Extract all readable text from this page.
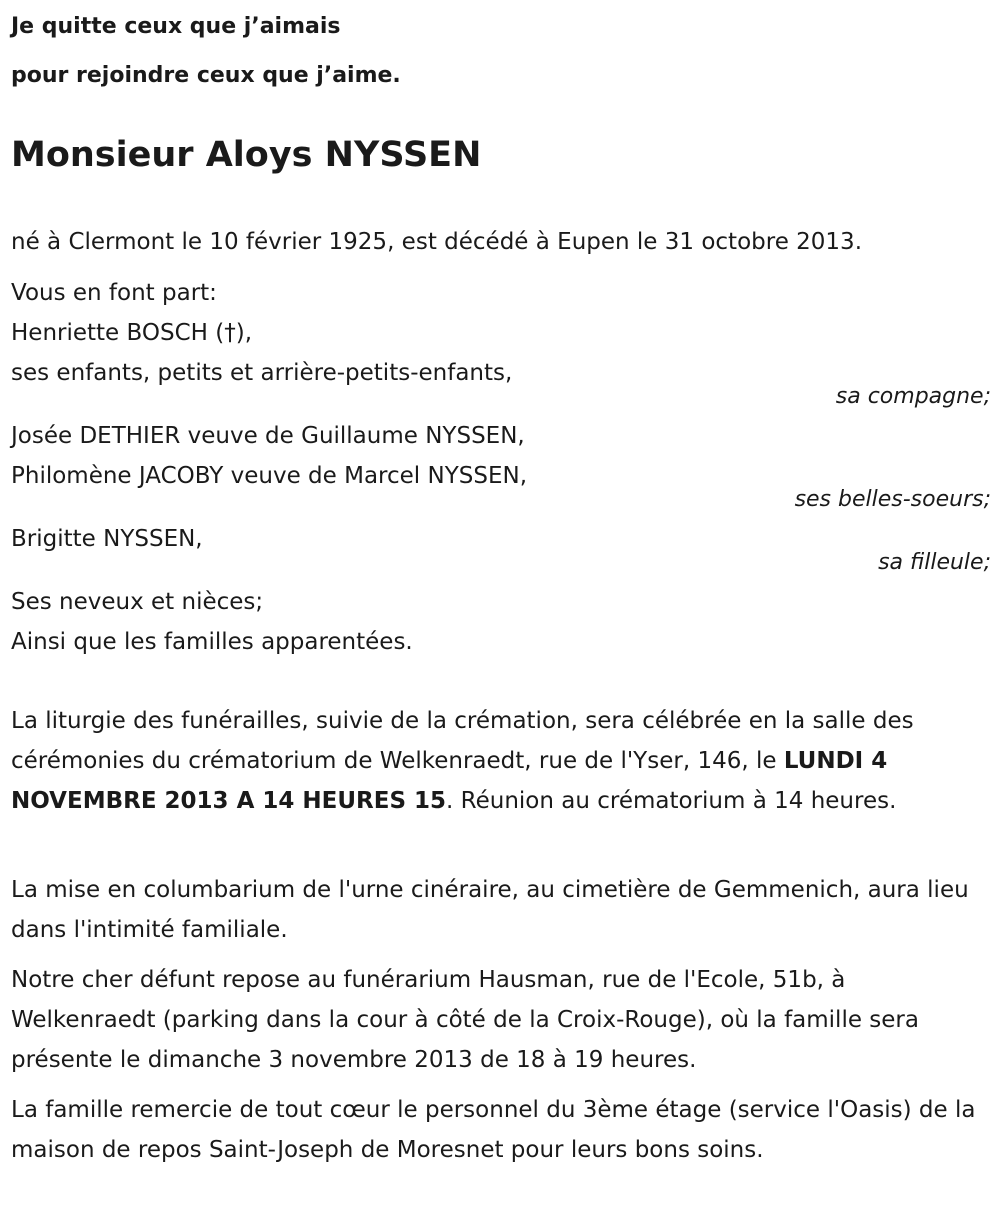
Je quitte ceux que j’aimais

pour rejoindre ceux que j’aime.

Monsieur Aloys NYSSEN
né à Clermont le 10 février 1925, est décédé à Eupen le 31 octobre 2013.
Vous en font part:
Henriette BOSCH (†),
ses enfants, petits et arrière-petits-enfants,
sa compagne;
Josée DETHIER veuve de Guillaume NYSSEN,
Philomène JACOBY veuve de Marcel NYSSEN,
ses belles-soeurs;
Brigitte NYSSEN,
sa filleule;
Ses neveux et nièces;
Ainsi que les familles apparentées.

La liturgie des funérailles, suivie de la crémation, sera célébrée en la salle des cérémonies du crématorium de Welkenraedt, rue de l'Yser, 146, le LUNDI 4 NOVEMBRE 2013 A 14 HEURES 15. Réunion au crématorium à 14 heures.

La mise en columbarium de l'urne cinéraire, au cimetière de Gemmenich, aura lieu dans l'intimité familiale.

Notre cher défunt repose au funérarium Hausman, rue de l'Ecole, 51b, à Welkenraedt (parking dans la cour à côté de la Croix-Rouge), où la famille sera présente le dimanche 3 novembre 2013 de 18 à 19 heures.

La famille remercie de tout cœur le personnel du 3ème étage (service l'Oasis) de la maison de repos Saint-Joseph de Moresnet pour leurs bons soins.
